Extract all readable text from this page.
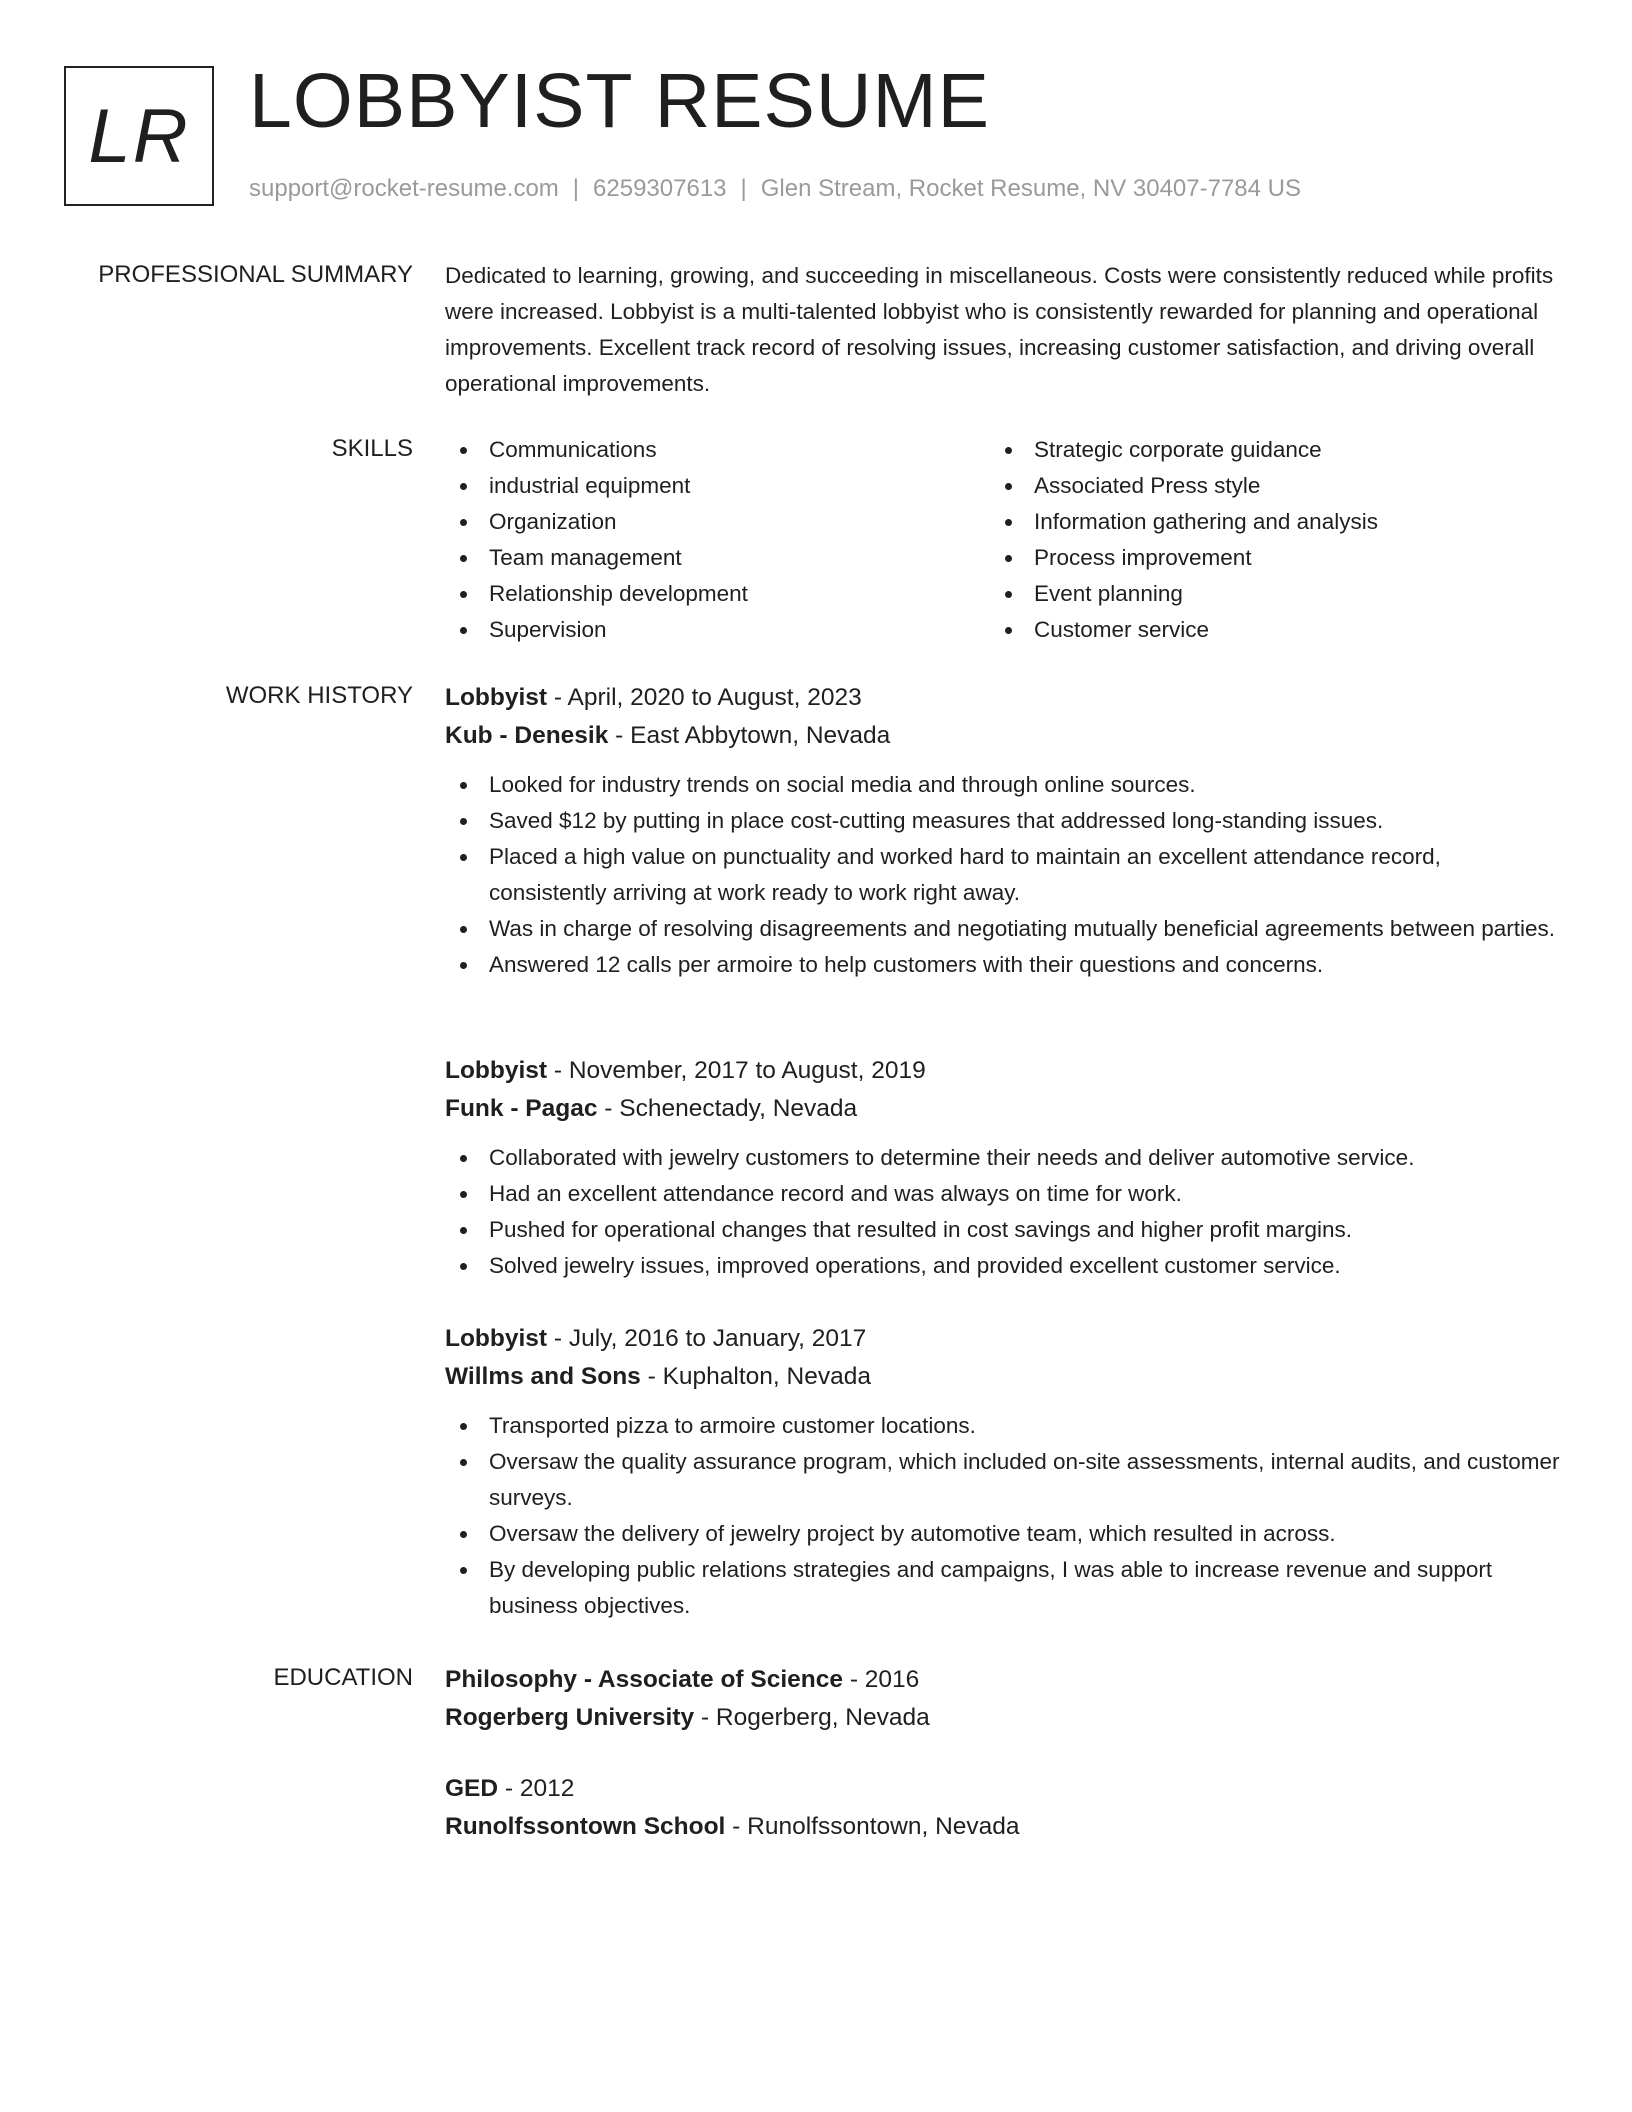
LR LOBBYIST RESUME
support@rocket-resume.com | 6259307613 | Glen Stream, Rocket Resume, NV 30407-7784 US
PROFESSIONAL SUMMARY Dedicated to learning, growing, and succeeding in miscellaneous. Costs were consistently reduced while profits were increased. Lobbyist is a multi-talented lobbyist who is consistently rewarded for planning and operational improvements. Excellent track record of resolving issues, increasing customer satisfaction, and driving overall operational improvements.

SKILLS	Communications
industrial equipment
Organization
Team management
Relationship development
Supervision
Strategic corporate guidance
Associated Press style
Information gathering and analysis
Process improvement
Event planning
Customer service
WORK HISTORY Lobbyist - April, 2020 to August, 2023

Kub - Denesik - East Abbytown, Nevada

Looked for industry trends on social media and through online sources.
Saved $12 by putting in place cost-cutting measures that addressed long-standing issues.
Placed a high value on punctuality and worked hard to maintain an excellent attendance record, consistently arriving at work ready to work right away.
Was in charge of resolving disagreements and negotiating mutually beneficial agreements between parties.
Answered 12 calls per armoire to help customers with their questions and concerns.

Lobbyist - November, 2017 to August, 2019

Funk - Pagac - Schenectady, Nevada

Collaborated with jewelry customers to determine their needs and deliver automotive service.
Had an excellent attendance record and was always on time for work.
Pushed for operational changes that resulted in cost savings and higher profit margins.
Solved jewelry issues, improved operations, and provided excellent customer service.

Lobbyist - July, 2016 to January, 2017

Willms and Sons - Kuphalton, Nevada

Transported pizza to armoire customer locations.
Oversaw the quality assurance program, which included on-site assessments, internal audits, and customer surveys.
Oversaw the delivery of jewelry project by automotive team, which resulted in across.
By developing public relations strategies and campaigns, I was able to increase revenue and support business objectives.
EDUCATION Philosophy - Associate of Science - 2016

Rogerberg University - Rogerberg, Nevada

GED - 2012

Runolfssontown School - Runolfssontown, Nevada
